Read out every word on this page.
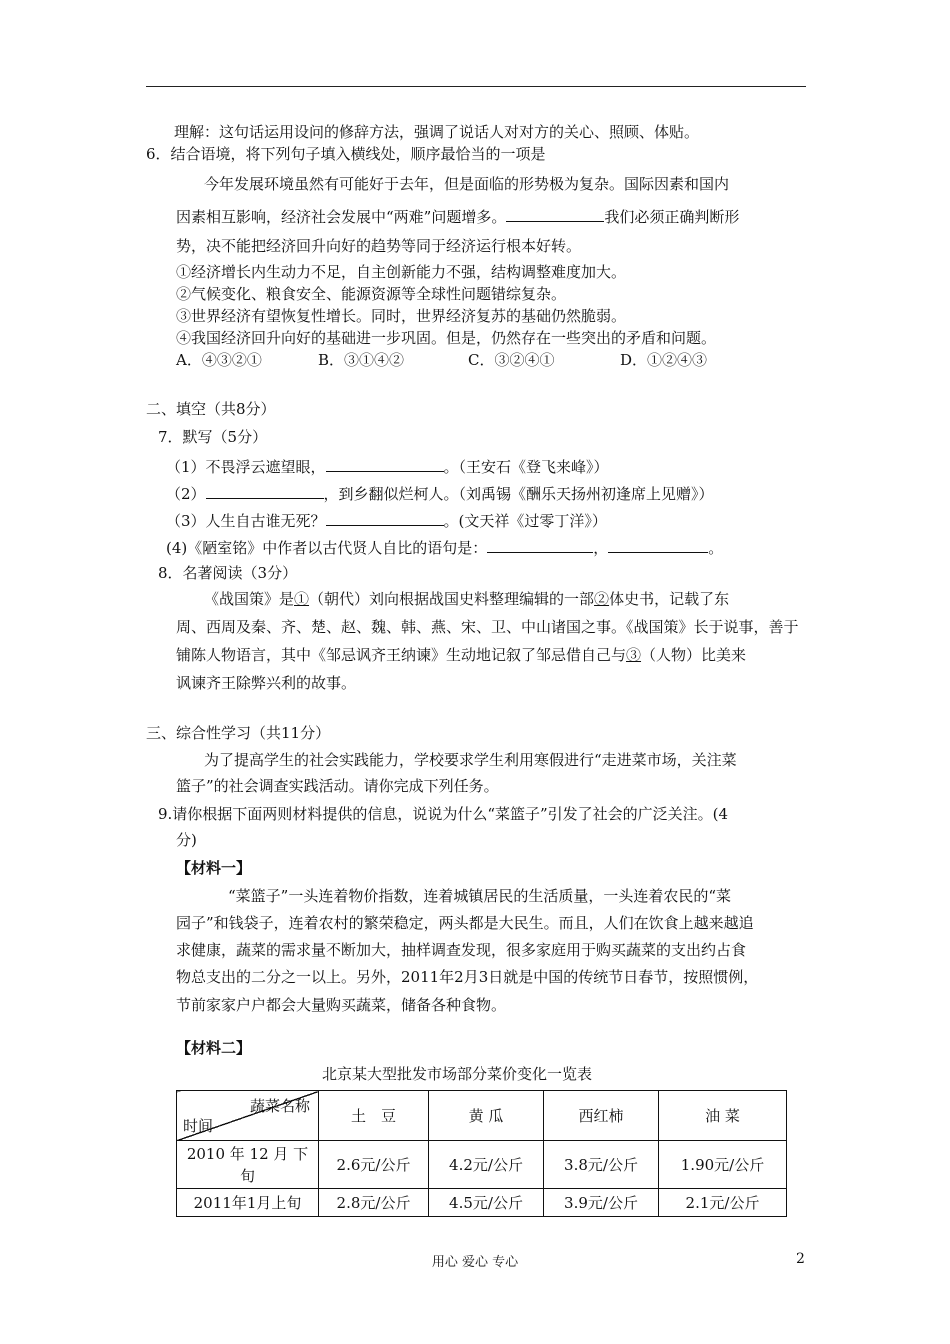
理解：这句话运用设问的修辞方法，强调了说话人对对方的关心、照顾、体贴。
6．结合语境，将下列句子填入横线处，顺序最恰当的一项是
今年发展环境虽然有可能好于去年，但是面临的形势极为复杂。国际因素和国内
因素相互影响，经济社会发展中“两难”问题增多。	我们必须正确判断形
势，决不能把经济回升向好的趋势等同于经济运行根本好转。
①经济增长内生动力不足，自主创新能力不强，结构调整难度加大。
②气候变化、粮食安全、能源资源等全球性问题错综复杂。
③世界经济有望恢复性增长。同时，世界经济复苏的基础仍然脆弱。
④我国经济回升向好的基础进一步巩固。但是，仍然存在一些突出的矛盾和问题。
A．④③②①	B．③①④②	C．③②④①	D．①②④③
二、填空（共8分）
7．默写（5分）
（1）不畏浮云遮望眼，	。（王安石《登飞来峰》）
（2）	，到乡翻似烂柯人。（刘禹锡《酬乐天扬州初逢席上见赠》）
（3）人生自古谁无死？	。(文天祥《过零丁洋》）
(4)《陋室铭》中作者以古代贤人自比的语句是：	，	。
8．名著阅读（3分）
《战国策》是①（朝代）刘向根据战国史料整理编辑的一部②体史书，记载了东
周、西周及秦、齐、楚、赵、魏、韩、燕、宋、卫、中山诸国之事。《战国策》长于说事，善于
铺陈人物语言，其中《邹忌讽齐王纳谏》生动地记叙了邹忌借自己与③（人物）比美来
讽谏齐王除弊兴利的故事。
三、综合性学习（共11分）
为了提高学生的社会实践能力，学校要求学生利用寒假进行“走进菜市场，关注菜
篮子”的社会调查实践活动。请你完成下列任务。
9.请你根据下面两则材料提供的信息，说说为什么“菜篮子”引发了社会的广泛关注。(4
分)
【材料一】
“菜篮子”一头连着物价指数，连着城镇居民的生活质量，一头连着农民的“菜
园子”和钱袋子，连着农村的繁荣稳定，两头都是大民生。而且，人们在饮食上越来越追
求健康，蔬菜的需求量不断加大，抽样调查发现，很多家庭用于购买蔬菜的支出约占食
物总支出的二分之一以上。另外，2011年2月3日就是中国的传统节日春节，按照惯例，
节前家家户户都会大量购买蔬菜，储备各种食物。
【材料二】
北京某大型批发市场部分菜价变化一览表
蔬菜名称
时间	土　豆	黄 瓜	西红柿	油 菜
2010 年 12 月 下
旬	2.6元/公斤	4.2元/公斤	3.8元/公斤	1.90元/公斤
2011年1月上旬	2.8元/公斤	4.5元/公斤	3.9元/公斤	2.1元/公斤
用心 爱心 专心	2
